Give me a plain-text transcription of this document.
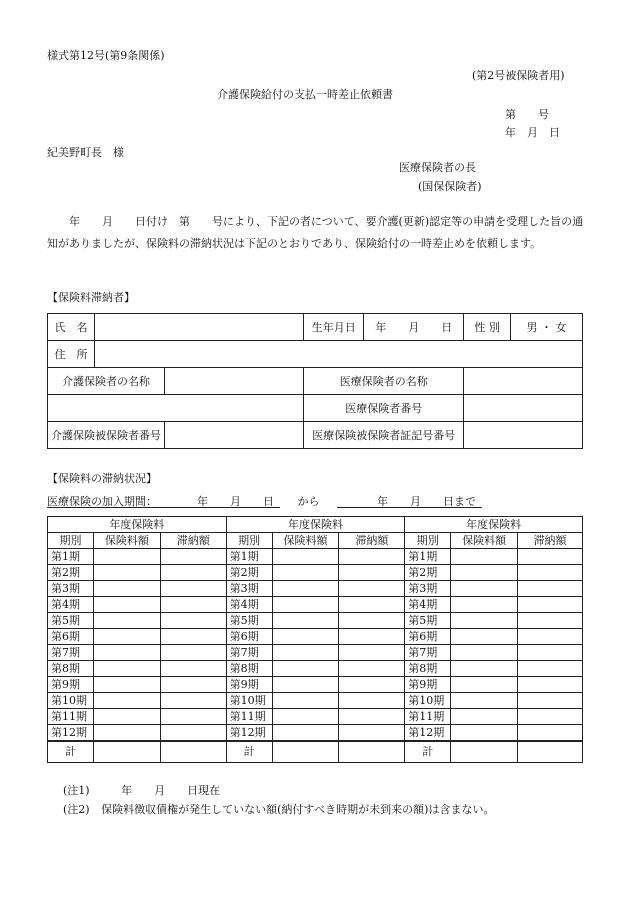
様式第12号(第9条関係)
(第2号被保険者用)
介護保険給付の支払一時差止依頼書
第　　号
年　月　日
紀美野町長　様
医療保険者の長
(国保保険者)
　　年　　月　　日付け　第　　号により、下記の者について、要介護(更新)認定等の申請を受理した旨の通知がありましたが、保険料の滞納状況は下記のとおりであり、保険給付の一時差止めを依頼します。
【保険料滞納者】
氏　名			生年月日	年　　月　　日	性 別	男 ・ 女
住　所						
介護保険者の名称			医療保険者の名称			
			医療保険者番号			
介護保険被保険者番号			医療保険被保険者証記号番号			
【保険料の滞納状況】
医療保険の加入期間：	年　　月　　日 から	年　　月　　日まで
年度保険料			年度保険料			年度保険料		
期別	保険料額	滞納額	期別	保険料額	滞納額	期別	保険料額	滞納額
第1期			第1期			第1期		
第2期			第2期			第2期		
第3期			第3期			第3期		
第4期			第4期			第4期		
第5期			第5期			第5期		
第6期			第6期			第6期		
第7期			第7期			第7期		
第8期			第8期			第8期		
第9期			第9期			第9期		
第10期			第10期			第10期		
第11期			第11期			第11期		
第12期			第12期			第12期		
計			計			計		
(注1)	年　　月　　日現在
(注2) 保険料徴収債権が発生していない額(納付すべき時期が未到来の額)は含まない。
